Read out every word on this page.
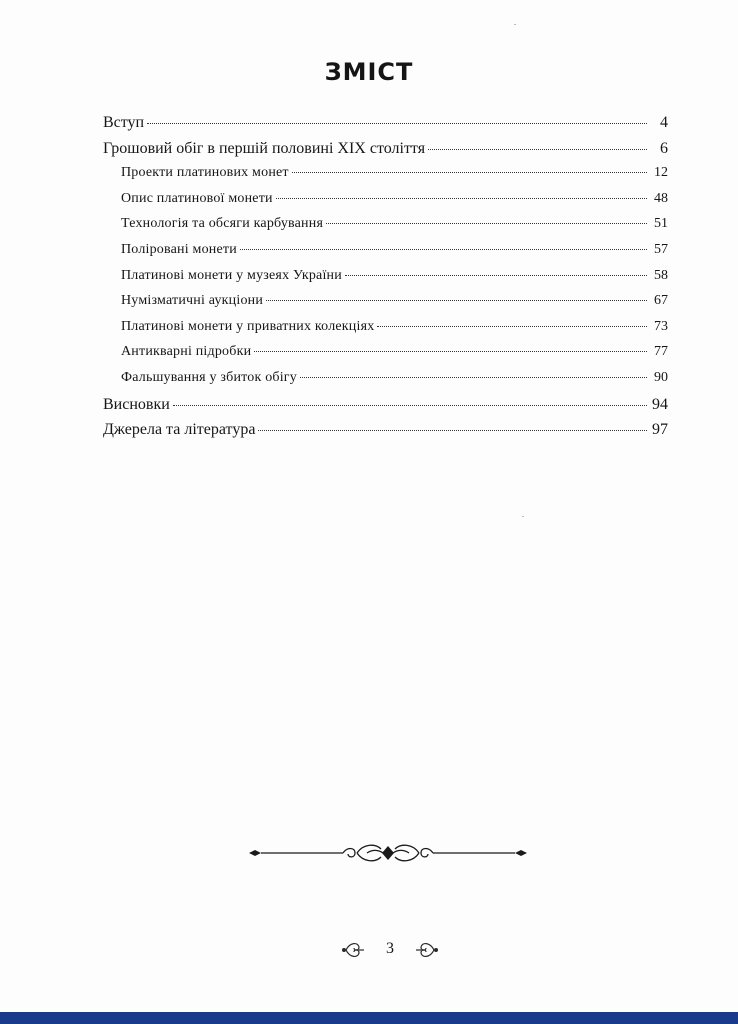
ЗМІСТ
Вступ	4
Грошовий обіг в першій половині XIX століття	6
Проекти платинових монет	12
Опис платинової монети	48
Технологія та обсяги карбування	51
Поліровані монети	57
Платинові монети у музеях України	58
Нумізматичні аукціони	67
Платинові монети у приватних колекціях	73
Антикварні підробки	77
Фальшування у збиток обігу	90
Висновки	94
Джерела та література	97
3
